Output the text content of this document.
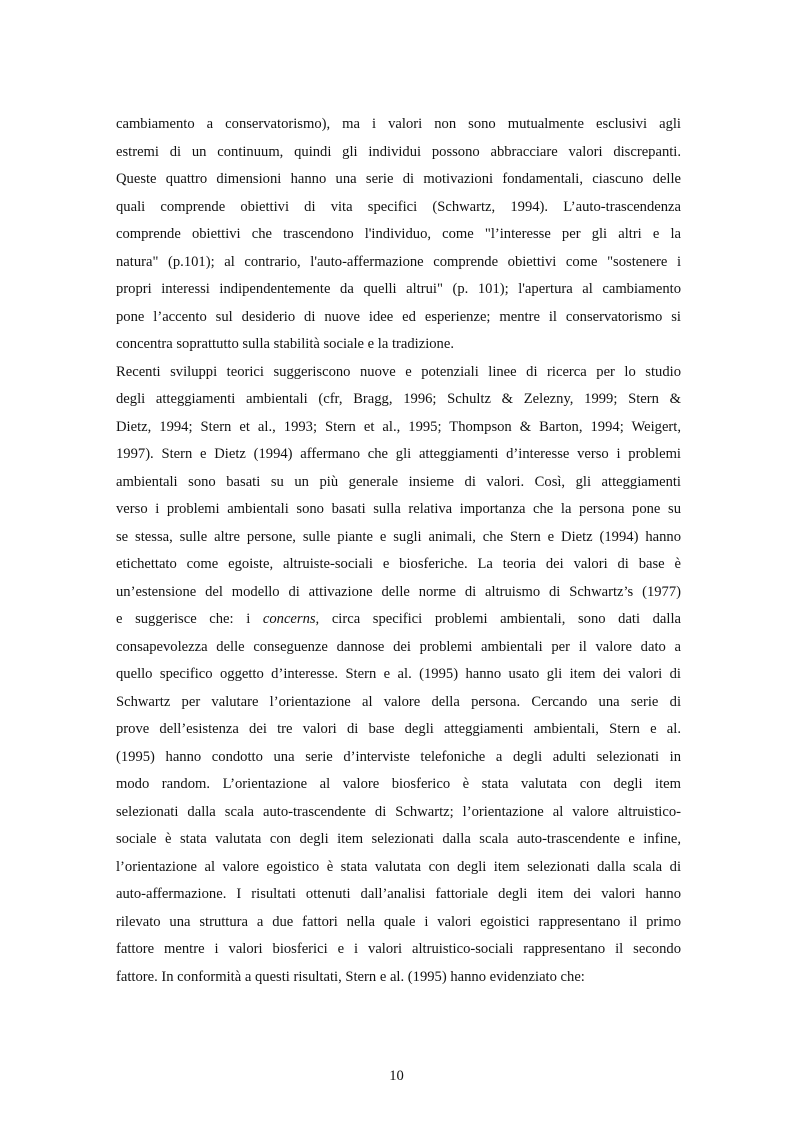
cambiamento a conservatorismo), ma i valori non sono mutualmente esclusivi agli
estremi di un continuum, quindi gli individui possono abbracciare valori discrepanti.
Queste quattro dimensioni hanno una serie di motivazioni fondamentali, ciascuno delle
quali comprende obiettivi di vita specifici (Schwartz, 1994). L’auto-trascendenza
comprende obiettivi che trascendono l'individuo, come "l’interesse per gli altri e la
natura" (p.101); al contrario, l'auto-affermazione comprende obiettivi come "sostenere i
propri interessi indipendentemente da quelli altrui" (p. 101); l'apertura al cambiamento
pone l’accento sul desiderio di nuove idee ed esperienze; mentre il conservatorismo si
concentra soprattutto sulla stabilità sociale e la tradizione.
Recenti sviluppi teorici suggeriscono nuove e potenziali linee di ricerca per lo studio
degli atteggiamenti ambientali (cfr, Bragg, 1996; Schultz & Zelezny, 1999; Stern &
Dietz, 1994; Stern et al., 1993; Stern et al., 1995; Thompson & Barton, 1994; Weigert,
1997). Stern e Dietz (1994) affermano che gli atteggiamenti d’interesse verso i problemi
ambientali sono basati su un più generale insieme di valori. Così, gli atteggiamenti
verso i problemi ambientali sono basati sulla relativa importanza che la persona pone su
se stessa, sulle altre persone, sulle piante e sugli animali, che Stern e Dietz (1994) hanno
etichettato come egoiste, altruiste-sociali e biosferiche. La teoria dei valori di base è
un’estensione del modello di attivazione delle norme di altruismo di Schwartz’s (1977)
e suggerisce che: i concerns, circa specifici problemi ambientali, sono dati dalla
consapevolezza delle conseguenze dannose dei problemi ambientali per il valore dato a
quello specifico oggetto d’interesse. Stern e al. (1995) hanno usato gli item dei valori di
Schwartz per valutare l’orientazione al valore della persona. Cercando una serie di
prove dell’esistenza dei tre valori di base degli atteggiamenti ambientali, Stern e al.
(1995) hanno condotto una serie d’interviste telefoniche a degli adulti selezionati in
modo random. L’orientazione al valore biosferico è stata valutata con degli item
selezionati dalla scala auto-trascendente di Schwartz; l’orientazione al valore altruistico-
sociale è stata valutata con degli item selezionati dalla scala auto-trascendente e infine,
l’orientazione al valore egoistico è stata valutata con degli item selezionati dalla scala di
auto-affermazione. I risultati ottenuti dall’analisi fattoriale degli item dei valori hanno
rilevato una struttura a due fattori nella quale i valori egoistici rappresentano il primo
fattore mentre i valori biosferici e i valori altruistico-sociali rappresentano il secondo
fattore. In conformità a questi risultati, Stern e al. (1995) hanno evidenziato che:
10
